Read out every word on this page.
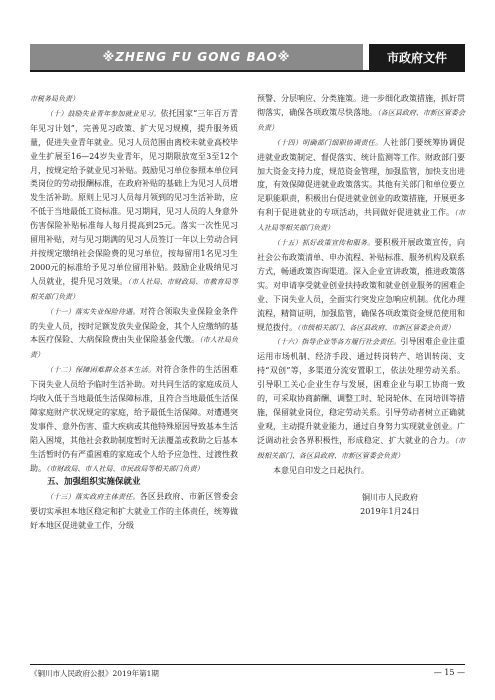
※ZHENG FU GONG BAO※	市政府文件

市税务局负责）

（十）鼓励失业青年参加就业见习。依托国家“三年百万青年见习计划”，完善见习政策、扩大见习规模，提升服务质量，促进失业青年就业。见习人员范围由离校未就业高校毕业生扩展至16—24岁失业青年，见习期限放宽至3至12个月，按规定给予就业见习补贴。鼓励见习单位参照本单位同类岗位的劳动报酬标准，在政府补贴的基础上为见习人员增发生活补助。原则上见习人员每月领到的见习生活补助，应不低于当地最低工资标准。见习期间，见习人员的人身意外伤害保险补贴标准每人每月提高到25元。落实一次性见习留用补贴，对与见习期满的见习人员签订一年以上劳动合同并按规定缴纳社会保险费的见习单位，按每留用1名见习生2000元的标准给予见习单位留用补贴。鼓励企业吸纳见习人员就业，提升见习效果。（市人社局、市财政局、市教育局等相关部门负责）

（十一）落实失业保险待遇。对符合领取失业保险金条件的失业人员，按时足额发放失业保险金，其个人应缴纳的基本医疗保险、大病保险费由失业保险基金代缴。（市人社局负责）

（十二）保障困难群众基本生活。对符合条件的生活困难下岗失业人员给予临时生活补助。对共同生活的家庭成员人均收入低于当地最低生活保障标准，且符合当地最低生活保障家庭财产状况规定的家庭，给予最低生活保障。对遭遇突发事件、意外伤害、重大疾病或其他特殊原因导致基本生活陷入困境，其他社会救助制度暂时无法覆盖或救助之后基本生活暂时仍有严重困难的家庭或个人给予应急性、过渡性救助。（市财政局、市人社局、市民政局等相关部门负责）

五、加强组织实施保就业

（十三）落实政府主体责任。各区县政府、市新区管委会要切实承担本地区稳定和扩大就业工作的主体责任，统筹做好本地区促进就业工作，分级

预警、分层响应、分类施策。进一步细化政策措施，抓好贯彻落实，确保各项政策尽快落地。（各区县政府、市新区管委会负责）

（十四）明确部门细职协调责任。人社部门要统筹协调促进就业政策制定、督促落实、统计监测等工作。财政部门要加大资金支持力度，规范资金管理，加强监管，加快支出进度，有效保障促进就业政策落实。其他有关部门和单位要立足职能职责，积极出台促进就业创业的政策措施，开展更多有利于促进就业的专项活动，共同做好促进就业工作。（市人社局等相关部门负责）

（十五）抓好政策宣传和服务。要积极开展政策宣传，向社会公布政策清单、申办流程、补贴标准、服务机构及联系方式，畅通政策咨询渠道。深入企业宣讲政策，推进政策落实。对申请享受就业创业扶持政策和就业创业服务的困难企业、下岗失业人员，全面实行突发应急响应机制。优化办理流程，精简证明，加强监管，确保各项政策资金规范使用和规范拨付。（市级相关部门、各区县政府、市新区管委会负责）

（十六）指导企业等各方履行社会责任。引导困难企业注重运用市场机制、经济手段、通过转岗转产、培训转岗、支持“双创”等，多渠道分流安置职工，依法处理劳动关系。引导职工关心企业生存与发展，困难企业与职工协商一致的，可采取协商薪酬、调整工时、轮岗轮休、在岗培训等措施，保留就业岗位，稳定劳动关系。引导劳动者树立正确就业观，主动提升就业能力，通过自身努力实现就业创业。广泛调动社会各界积极性，形成稳定、扩大就业的合力。（市级相关部门、各区县政府、市新区管委会负责）

本意见自印发之日起执行。

铜川市人民政府
2019年1月24日
《铜川市人民政府公报》2019年第1期	— 15 —
